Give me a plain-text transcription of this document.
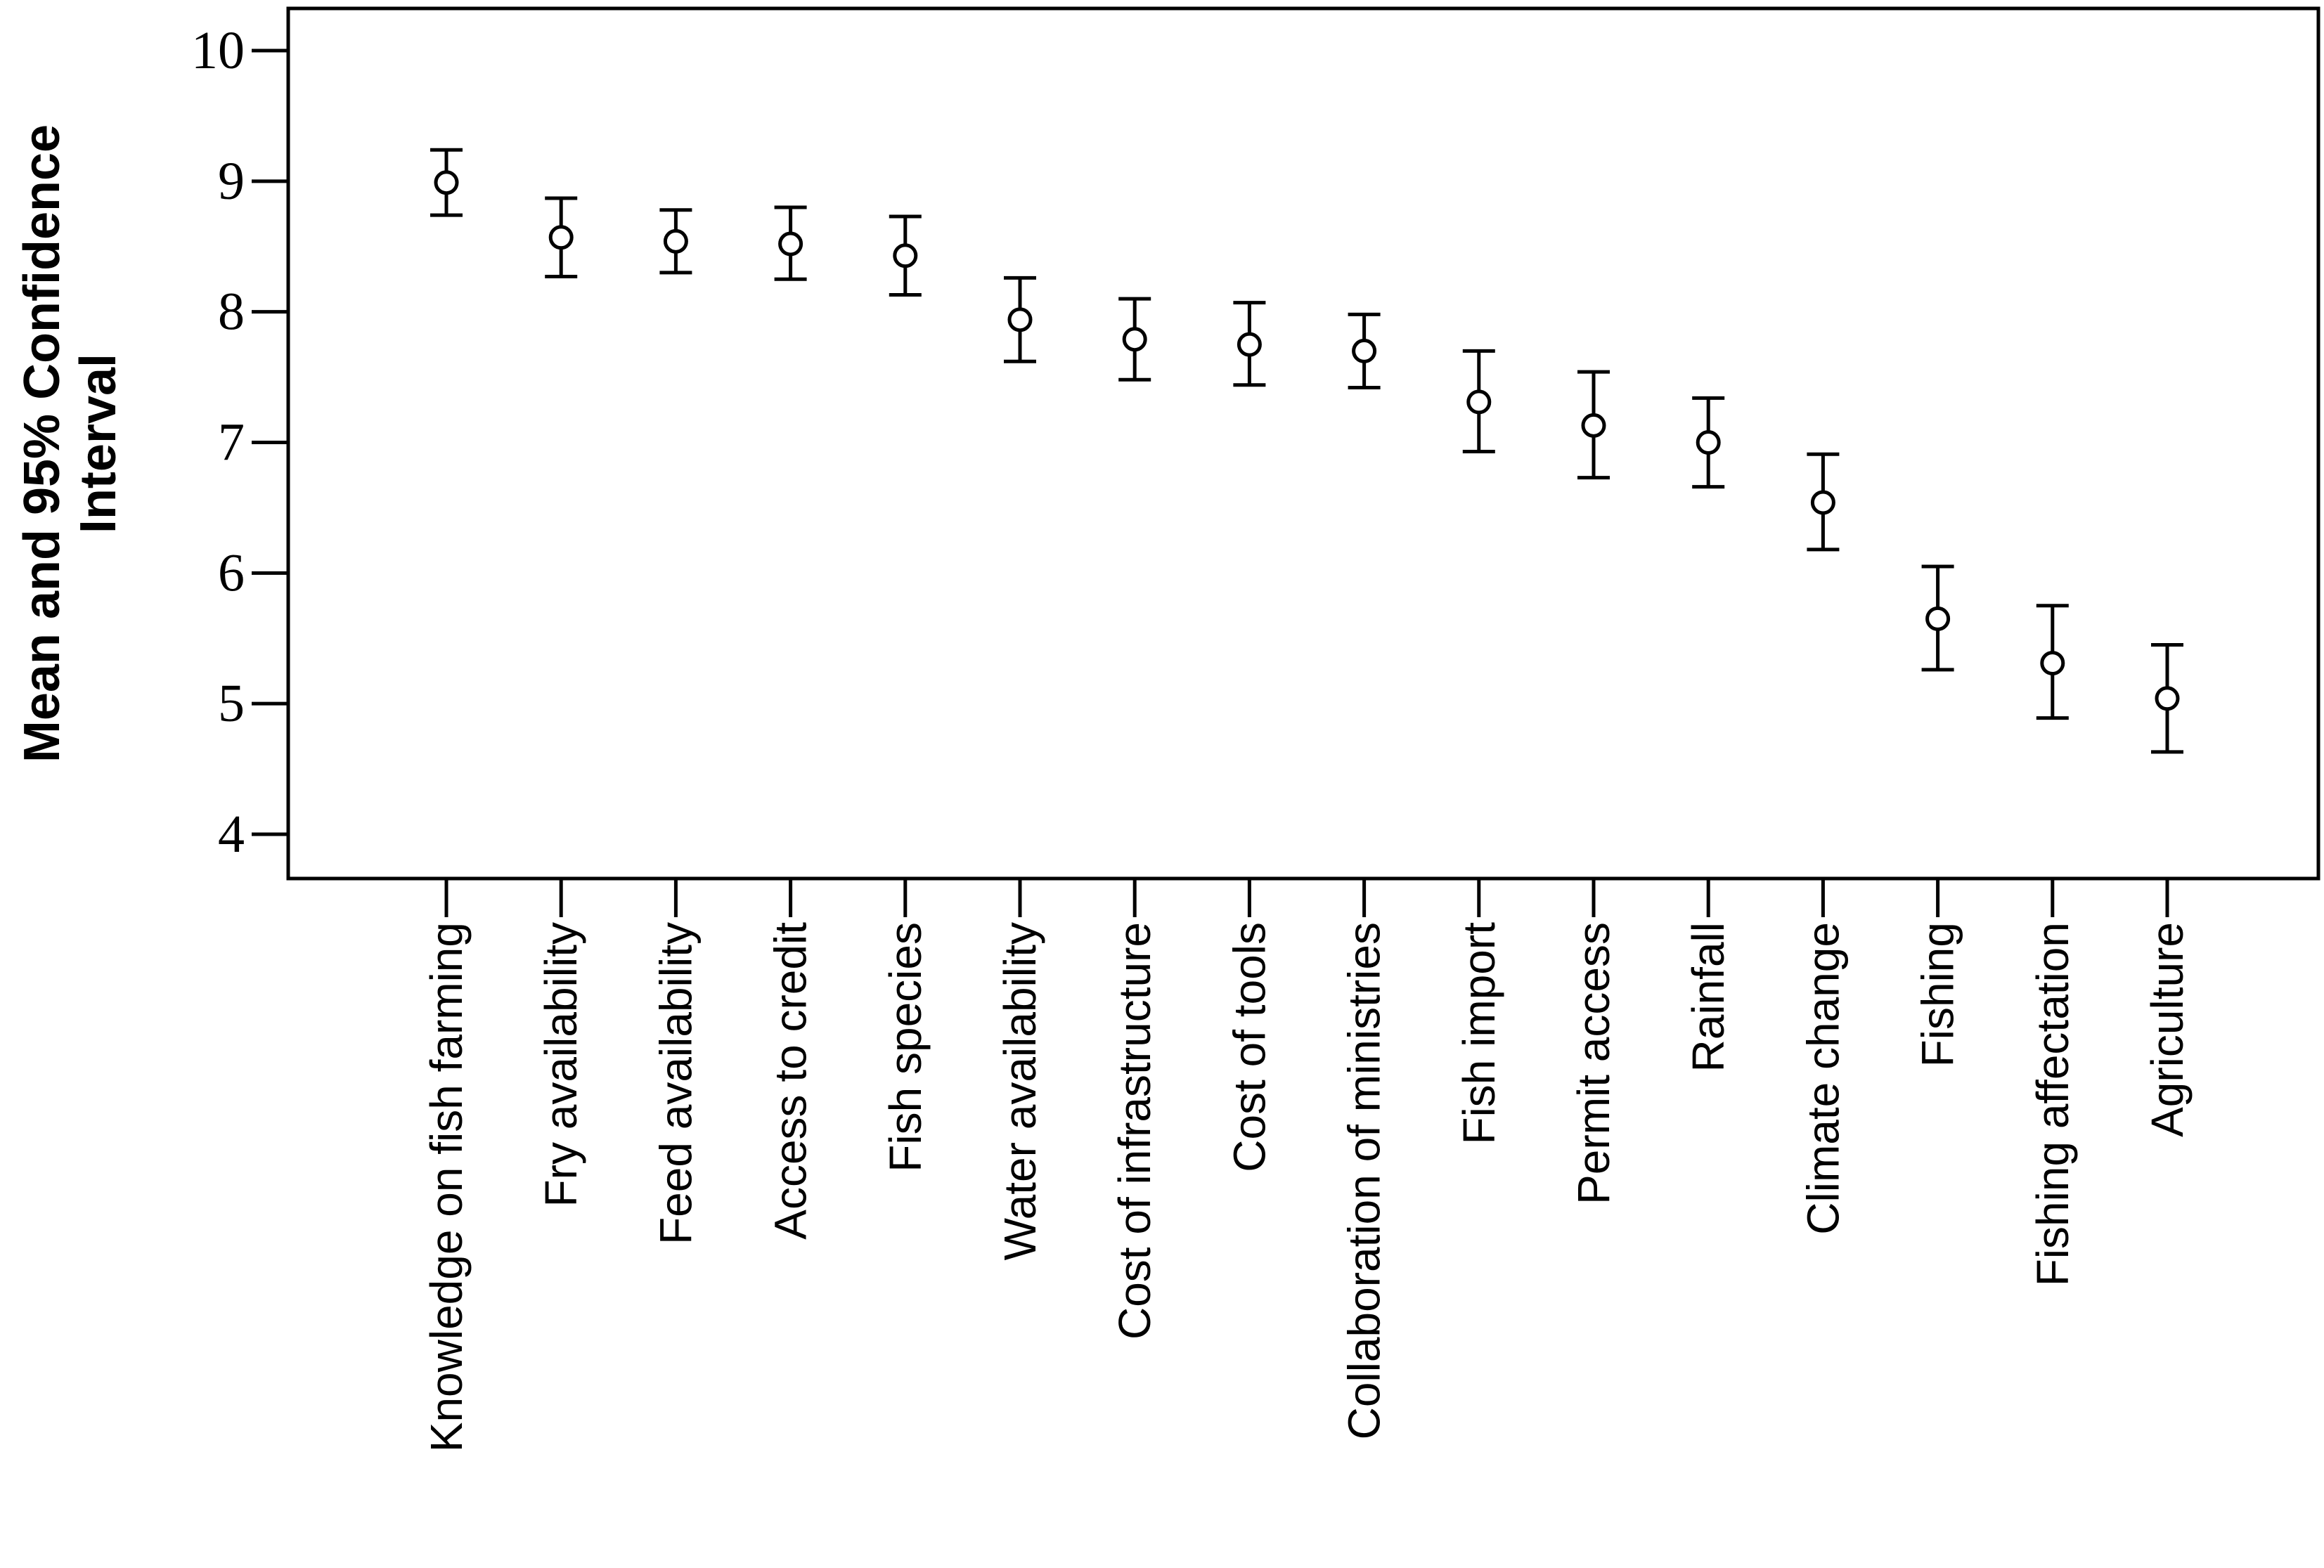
4
5
6
7
8
9
10
Knowledge on fish farming Fry availability Feed availability Access to credit Fish species Water availability Cost of infrastructure Cost of tools Collaboration of ministries Fish import Permit access Rainfall Climate change Fishing Fishing affectation Agriculture
Mean and 95% Confidence Interval
